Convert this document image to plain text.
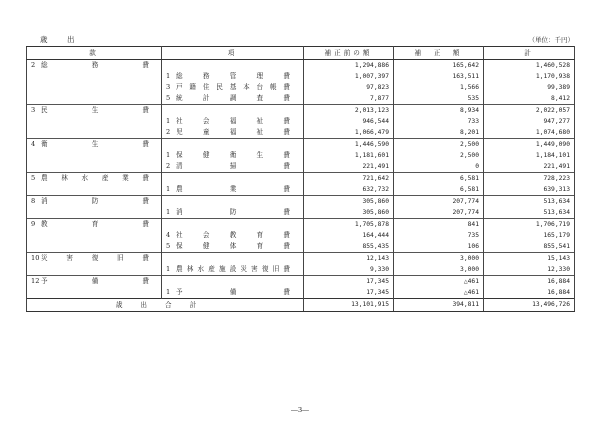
歳　出	（単位：千円）
款	項	補正前の額	補　正　額	計
2 総務費		1,294,886	165,642	1,460,528
	1 総務管理費	1,007,397	163,511	1,170,938
	3 戸籍住民基本台帳費	97,823	1,566	99,389
	5 統計調査費	7,877	535	8,412
3 民生費		2,013,123	8,934	2,022,057
	1 社会福祉費	946,544	733	947,277
	2 児童福祉費	1,066,479	8,201	1,074,680
4 衛生費		1,446,590	2,500	1,449,090
	1 保健衛生費	1,181,601	2,500	1,184,101
	2 清掃費	221,491	0	221,491
5 農林水産業費		721,642	6,581	728,223
	1 農業費	632,732	6,581	639,313
8 消防費		305,860	207,774	513,634
	1 消防費	305,860	207,774	513,634
9 教育費		1,705,878	841	1,706,719
	4 社会教育費	164,444	735	165,179
	5 保健体育費	855,435	106	855,541
10 災害復旧費		12,143	3,000	15,143
	1 農林水産施設災害復旧費	9,330	3,000	12,330
12 予備費		17,345	△461	16,884
	1 予備費	17,345	△461	16,884
歳出合計		13,101,915	394,811	13,496,726
―3―
